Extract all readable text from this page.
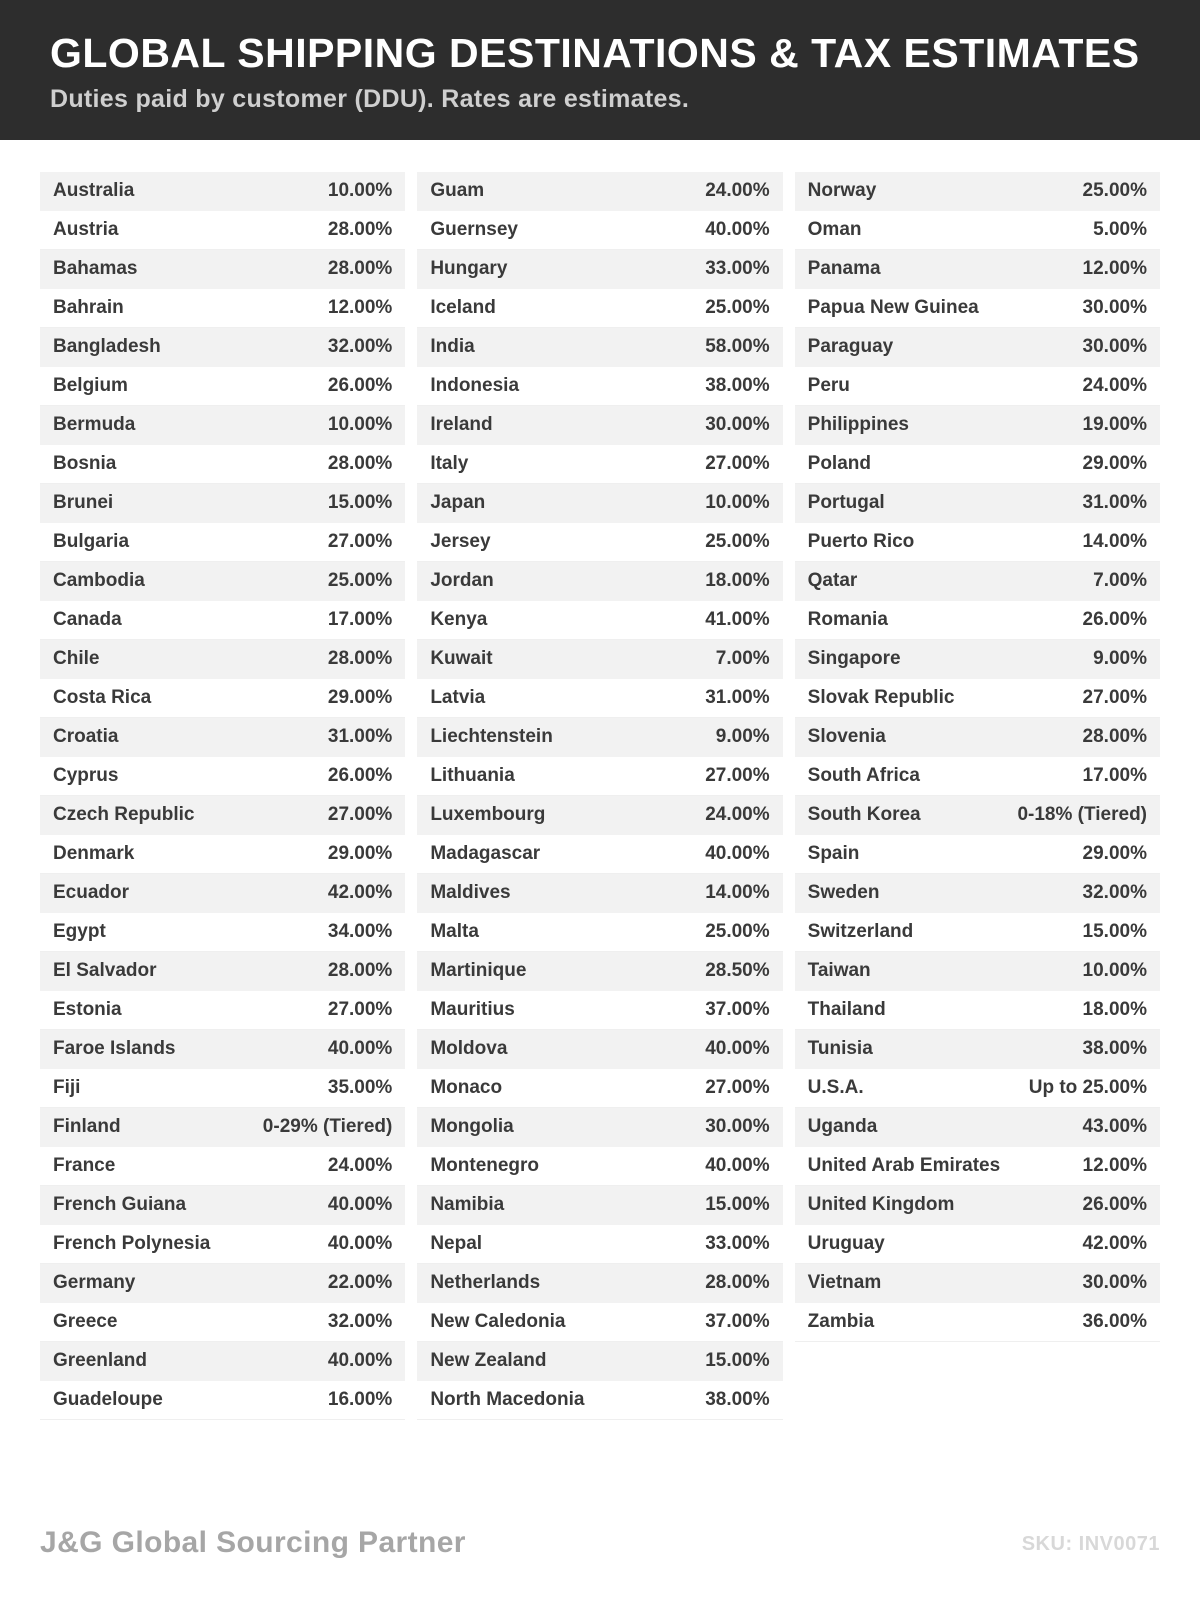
GLOBAL SHIPPING DESTINATIONS & TAX ESTIMATES
Duties paid by customer (DDU). Rates are estimates.
Australia	10.00%
Austria	28.00%
Bahamas	28.00%
Bahrain	12.00%
Bangladesh	32.00%
Belgium	26.00%
Bermuda	10.00%
Bosnia	28.00%
Brunei	15.00%
Bulgaria	27.00%
Cambodia	25.00%
Canada	17.00%
Chile	28.00%
Costa Rica	29.00%
Croatia	31.00%
Cyprus	26.00%
Czech Republic	27.00%
Denmark	29.00%
Ecuador	42.00%
Egypt	34.00%
El Salvador	28.00%
Estonia	27.00%
Faroe Islands	40.00%
Fiji	35.00%
Finland	0-29% (Tiered)
France	24.00%
French Guiana	40.00%
French Polynesia	40.00%
Germany	22.00%
Greece	32.00%
Greenland	40.00%
Guadeloupe	16.00%
Guam	24.00%
Guernsey	40.00%
Hungary	33.00%
Iceland	25.00%
India	58.00%
Indonesia	38.00%
Ireland	30.00%
Italy	27.00%
Japan	10.00%
Jersey	25.00%
Jordan	18.00%
Kenya	41.00%
Kuwait	7.00%
Latvia	31.00%
Liechtenstein	9.00%
Lithuania	27.00%
Luxembourg	24.00%
Madagascar	40.00%
Maldives	14.00%
Malta	25.00%
Martinique	28.50%
Mauritius	37.00%
Moldova	40.00%
Monaco	27.00%
Mongolia	30.00%
Montenegro	40.00%
Namibia	15.00%
Nepal	33.00%
Netherlands	28.00%
New Caledonia	37.00%
New Zealand	15.00%
North Macedonia	38.00%
Norway	25.00%
Oman	5.00%
Panama	12.00%
Papua New Guinea	30.00%
Paraguay	30.00%
Peru	24.00%
Philippines	19.00%
Poland	29.00%
Portugal	31.00%
Puerto Rico	14.00%
Qatar	7.00%
Romania	26.00%
Singapore	9.00%
Slovak Republic	27.00%
Slovenia	28.00%
South Africa	17.00%
South Korea	0-18% (Tiered)
Spain	29.00%
Sweden	32.00%
Switzerland	15.00%
Taiwan	10.00%
Thailand	18.00%
Tunisia	38.00%
U.S.A.	Up to 25.00%
Uganda	43.00%
United Arab Emirates	12.00%
United Kingdom	26.00%
Uruguay	42.00%
Vietnam	30.00%
Zambia	36.00%
J&G Global Sourcing Partner	SKU: INV0071
